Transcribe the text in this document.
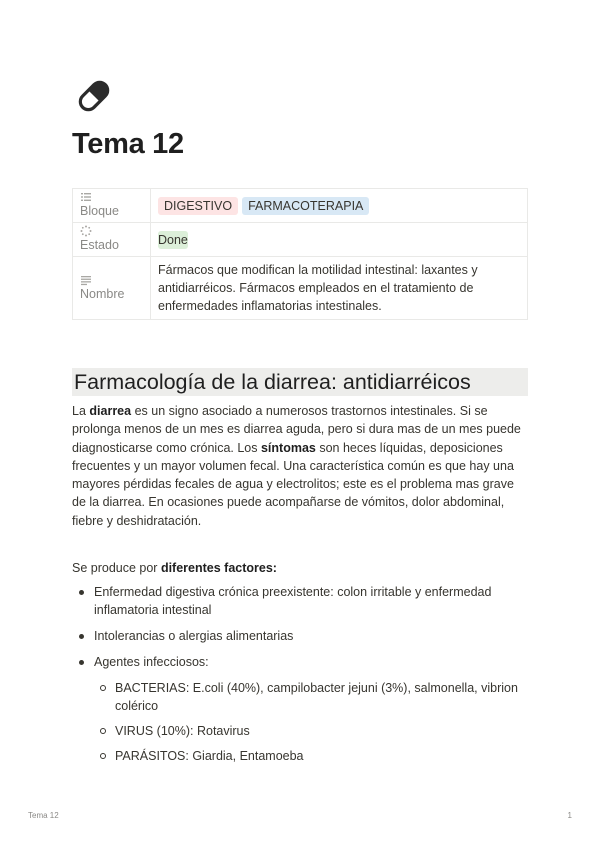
Tema 12
Bloque	DIGESTIVO FARMACOTERAPIA

Estado	Done

Nombre	Fármacos que modifican la motilidad intestinal: laxantes y antidiarréicos. Fármacos empleados en el tratamiento de enfermedades inflamatorias intestinales.
Farmacología de la diarrea: antidiarréicos

La diarrea es un signo asociado a numerosos trastornos intestinales. Si se prolonga menos de un mes es diarrea aguda, pero si dura mas de un mes puede diagnosticarse como crónica. Los síntomas son heces líquidas, deposiciones frecuentes y un mayor volumen fecal. Una característica común es que hay una mayores pérdidas fecales de agua y electrolitos; este es el problema mas grave de la diarrea. En ocasiones puede acompañarse de vómitos, dolor abdominal, fiebre y deshidratación.

Se produce por diferentes factores:

Enfermedad digestiva crónica preexistente: colon irritable y enfermedad inflamatoria intestinal
Intolerancias o alergias alimentarias
Agentes infecciosos:
BACTERIAS: E.coli (40%), campilobacter jejuni (3%), salmonella, vibrion colérico
VIRUS (10%): Rotavirus
PARÁSITOS: Giardia, Entamoeba
Tema 12	1
